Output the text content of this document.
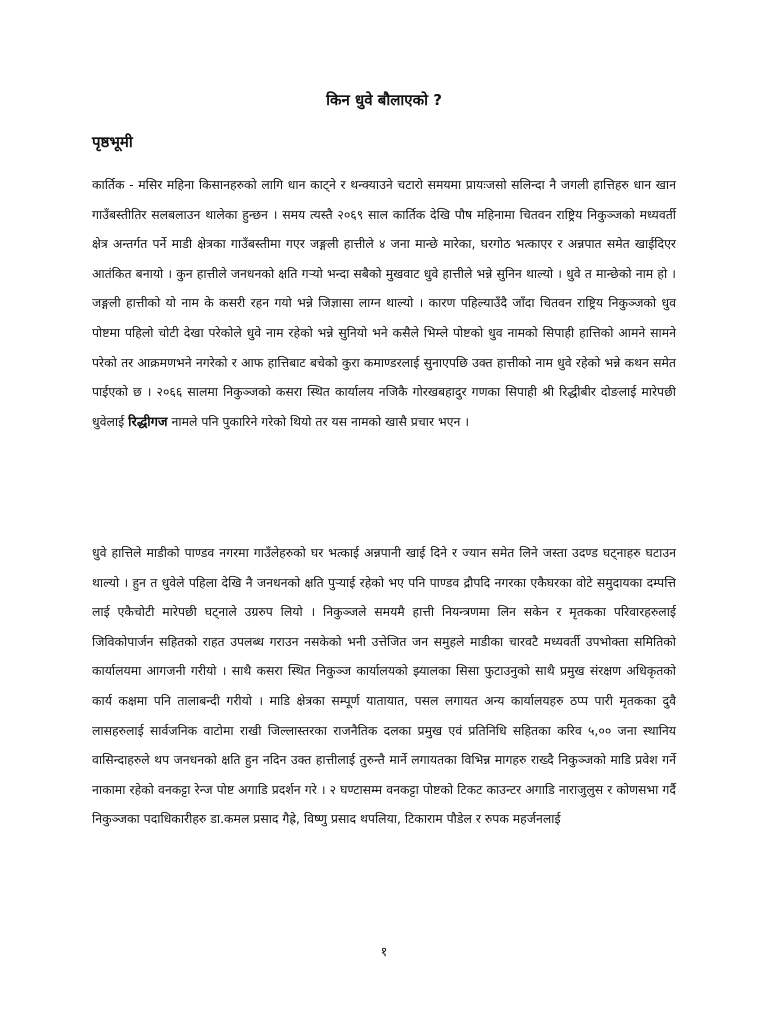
किन धुवे बौलाएको ?
पृष्ठभूमी

कार्तिक - मसिर महिना किसानहरुको लागि धान काट्ने र थन्क्याउने चटारो समयमा प्रायःजसो सलिन्दा नै जगली हात्तिहरु धान खान गाउँबस्तीतिर सलबलाउन थालेका हुन्छन । समय त्यस्तै २०६९ साल कार्तिक देखि पौष महिनामा चितवन राष्ट्रिय निकुञ्जको मध्यवर्ती क्षेत्र अन्तर्गत पर्ने माडी क्षेत्रका गाउँबस्तीमा गएर जङ्गली हात्तीले ४ जना मान्छे मारेका, घरगोठ भत्काएर र अन्नपात समेत खाईदिएर आतंकित बनायो । कुन हात्तीले जनधनको क्षति गऱ्यो भन्दा सबैको मुखवाट धुवे हात्तीले भन्ने सुनिन थाल्यो । धुवे त मान्छेको नाम हो । जङ्गली हात्तीको यो नाम के कसरी रहन गयो भन्ने जिज्ञासा लाग्न थाल्यो । कारण पहिल्याउँदै जाँदा चितवन राष्ट्रिय निकुञ्जको धुव पोष्टमा पहिलो चोटी देखा परेकोले धुवे नाम रहेको भन्ने सुनियो भने कसैले भिम्ले पोष्टको धुव नामको सिपाही हात्तिको आमने सामने परेको तर आक्रमणभने नगरेको र आफ हात्तिबाट बचेको कुरा कमाण्डरलाई सुनाएपछि उक्त हात्तीको नाम धुवे रहेको भन्ने कथन समेत पाईएको छ । २०६६ सालमा निकुञ्जको कसरा स्थित कार्यालय नजिकै गोरखबहादुर गणका सिपाही श्री रिद्धीबीर दोङलाई मारेपछी धुवेलाई रिद्धीगज नामले पनि पुकारिने गरेको थियो तर यस नामको खासै प्रचार भएन ।

धुवे हात्तिले माडीको पाण्डव नगरमा गाउँलेहरुको घर भत्काई अन्नपानी खाई दिने र ज्यान समेत लिने जस्ता उदण्ड घट्नाहरु घटाउन थाल्यो । हुन त धुवेले पहिला देखि नै जनधनको क्षति पुऱ्याई रहेको भए पनि पाण्डव द्रौपदि नगरका एकैघरका वोटे समुदायका दम्पत्ति लाई एकैचोटी मारेपछी घट्नाले उग्ररुप लियो । निकुञ्जले समयमै हात्ती नियन्त्रणमा लिन सकेन र मृतकका परिवारहरुलाई जिविकोपार्जन सहितको राहत उपलब्ध गराउन नसकेको भनी उत्तेजित जन समुहले माडीका चारवटै मध्यवर्ती उपभोक्ता समितिको कार्यालयमा आगजनी गरीयो । साथै कसरा स्थित निकुञ्ज कार्यालयको झ्यालका सिसा फुटाउनुको साथै प्रमुख संरक्षण अधिकृतको कार्य कक्षमा पनि तालाबन्दी गरीयो । माडि क्षेत्रका सम्पूर्ण यातायात, पसल लगायत अन्य कार्यालयहरु ठप्प पारी मृतकका दुवै लासहरुलाई सार्वजनिक वाटोमा राखी जिल्लास्तरका राजनैतिक दलका प्रमुख एवं प्रतिनिधि सहितका करिव ५,०० जना स्थानिय वासिन्दाहरुले थप जनधनको क्षति हुन नदिन उक्त हात्तीलाई तुरुन्तै मार्ने लगायतका विभिन्न मागहरु राख्दै निकुञ्जको माडि प्रवेश गर्ने नाकामा रहेको वनकट्टा रेन्ज पोष्ट अगाडि प्रदर्शन गरे । २ घण्टासम्म वनकट्टा पोष्टको टिकट काउन्टर अगाडि नाराजुलुस र कोणसभा गर्दै निकुञ्जका पदाधिकारीहरु डा.कमल प्रसाद गैह्रे, विष्णु प्रसाद थपलिया, टिकाराम पौडेल र रुपक महर्जनलाई

१
